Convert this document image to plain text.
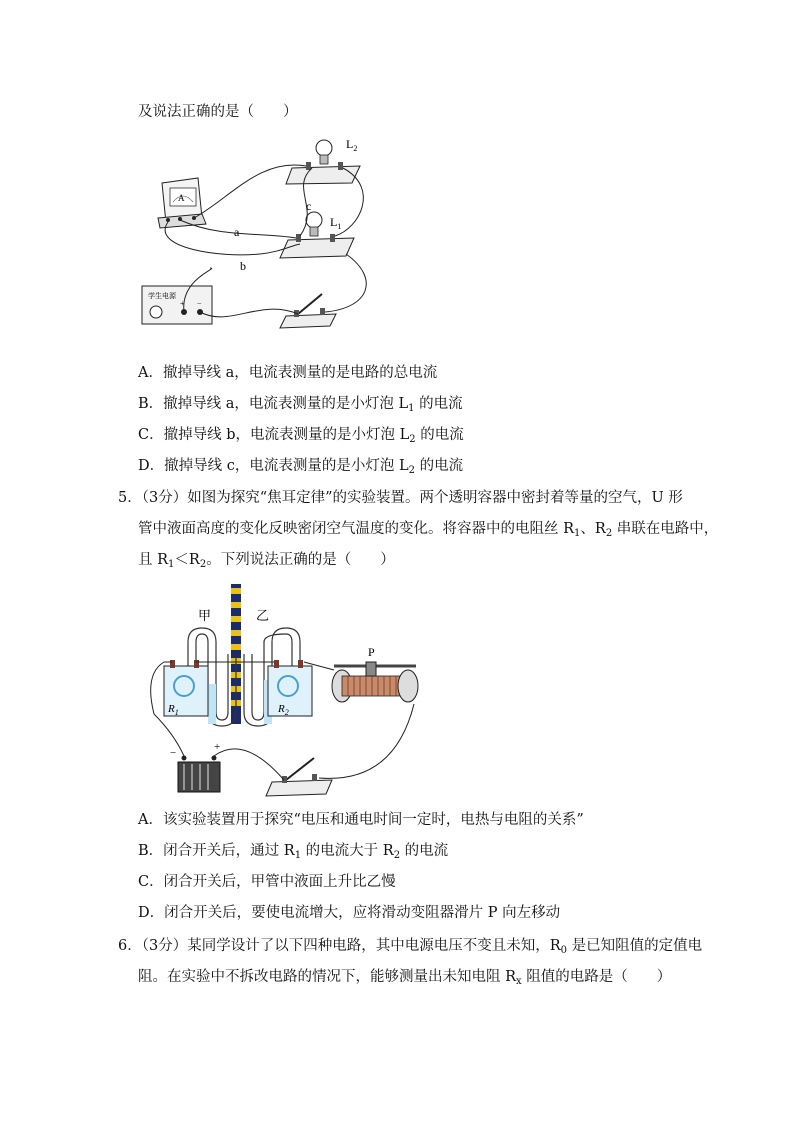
及说法正确的是（　　）
A
$L_2$
$L_1$
学生电源
+ −
a
b
c
A．撤掉导线 a，电流表测量的是电路的总电流
B．撤掉导线 a，电流表测量的是小灯泡 $L_1$ 的电流
C．撤掉导线 b，电流表测量的是小灯泡 $L_2$ 的电流
D．撤掉导线 c，电流表测量的是小灯泡 $L_2$ 的电流
5．（3分）如图为探究“焦耳定律”的实验装置。两个透明容器中密封着等量的空气，U 形
管中液面高度的变化反映密闭空气温度的变化。将容器中的电阻丝 $R_1$、$R_2$ 串联在电路中，
且 $R_1<R_2$。下列说法正确的是（　　）
甲	乙
$R_1$	$R_2$
P
−	+
A．该实验装置用于探究“电压和通电时间一定时，电热与电阻的关系”
B．闭合开关后，通过 $R_1$ 的电流大于 $R_2$ 的电流
C．闭合开关后，甲管中液面上升比乙慢
D．闭合开关后，要使电流增大，应将滑动变阻器滑片 P 向左移动
6．（3分）某同学设计了以下四种电路，其中电源电压不变且未知，$R_0$ 是已知阻值的定值电
阻。在实验中不拆改电路的情况下，能够测量出未知电阻 $R_x$ 阻值的电路是（　　）
